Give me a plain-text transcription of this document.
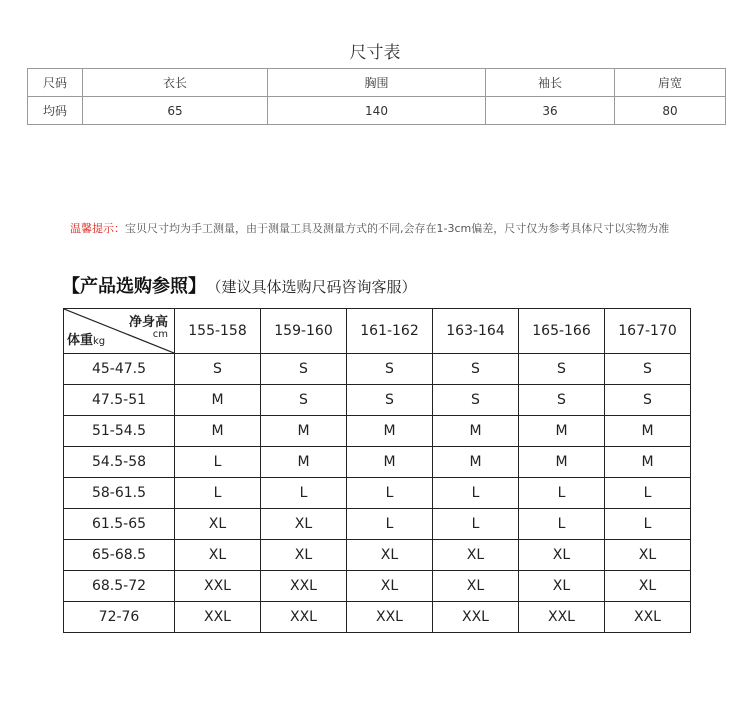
尺寸表
尺码	衣长	胸围	袖长	肩宽
均码	65	140	36	80
温馨提示：宝贝尺寸均为手工测量，由于测量工具及测量方式的不同,会存在1-3cm偏差，尺寸仅为参考具体尺寸以实物为准
【产品选购参照】 （建议具体选购尺码咨询客服）
净身高
cm
体重kg	155-158	159-160	161-162	163-164	165-166	167-170
45-47.5	S	S	S	S	S	S
47.5-51	M	S	S	S	S	S
51-54.5	M	M	M	M	M	M
54.5-58	L	M	M	M	M	M
58-61.5	L	L	L	L	L	L
61.5-65	XL	XL	L	L	L	L
65-68.5	XL	XL	XL	XL	XL	XL
68.5-72	XXL	XXL	XL	XL	XL	XL
72-76	XXL	XXL	XXL	XXL	XXL	XXL
